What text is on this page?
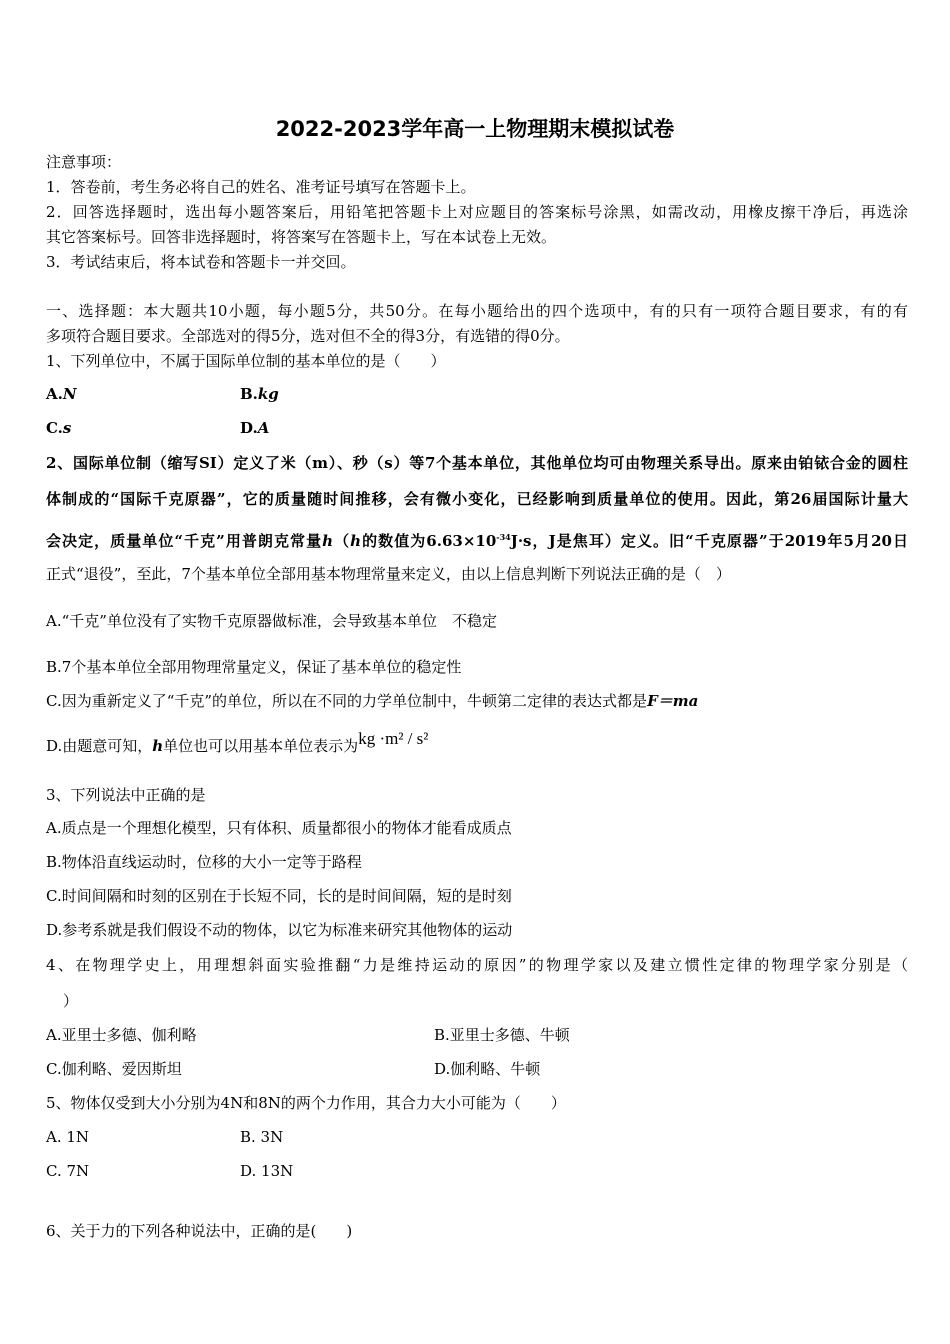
2022-2023学年高一上物理期末模拟试卷
注意事项：
1．答卷前，考生务必将自己的姓名、准考证号填写在答题卡上。
2．回答选择题时，选出每小题答案后，用铅笔把答题卡上对应题目的答案标号涂黑，如需改动，用橡皮擦干净后，再选涂
其它答案标号。回答非选择题时，将答案写在答题卡上，写在本试卷上无效。
3．考试结束后，将本试卷和答题卡一并交回。
一、选择题：本大题共10小题，每小题5分，共50分。在每小题给出的四个选项中，有的只有一项符合题目要求，有的有
多项符合题目要求。全部选对的得5分，选对但不全的得3分，有选错的得0分。
1、下列单位中，不属于国际单位制的基本单位的是（　　）
A.N	B.kg
C.s	D.A
2、国际单位制（缩写SI）定义了米（m）、秒（s）等7个基本单位，其他单位均可由物理关系导出。原来由铂铱合金的圆柱
体制成的“国际千克原器”，它的质量随时间推移，会有微小变化，已经影响到质量单位的使用。因此，第26届国际计量大
会决定，质量单位“千克”用普朗克常量h（h的数值为$6.63\times 10^{-34}J\cdot s$，J是焦耳）定义。旧“千克原器”于2019年5月20日
正式“退役”，至此，7个基本单位全部用基本物理常量来定义，由以上信息判断下列说法正确的是（　）
A.“千克”单位没有了实物千克原器做标准，会导致基本单位　不稳定
B.7个基本单位全部用物理常量定义，保证了基本单位的稳定性
C.因为重新定义了“千克”的单位，所以在不同的力学单位制中，牛顿第二定律的表达式都是F＝ma
D.由题意可知，h单位也可以用基本单位表示为kg ·m² / s²
3、下列说法中正确的是
A.质点是一个理想化模型，只有体积、质量都很小的物体才能看成质点
B.物体沿直线运动时，位移的大小一定等于路程
C.时间间隔和时刻的区别在于长短不同，长的是时间间隔，短的是时刻
D.参考系就是我们假设不动的物体，以它为标准来研究其他物体的运动
4、在物理学史上，用理想斜面实验推翻“力是维持运动的原因”的物理学家以及建立惯性定律的物理学家分别是（
）
A.亚里士多德、伽利略	B.亚里士多德、牛顿
C.伽利略、爱因斯坦	D.伽利略、牛顿
5、物体仅受到大小分别为4N和8N的两个力作用，其合力大小可能为（　　）
A. 1N	B. 3N
C. 7N	D. 13N
6、关于力的下列各种说法中，正确的是(　　)
